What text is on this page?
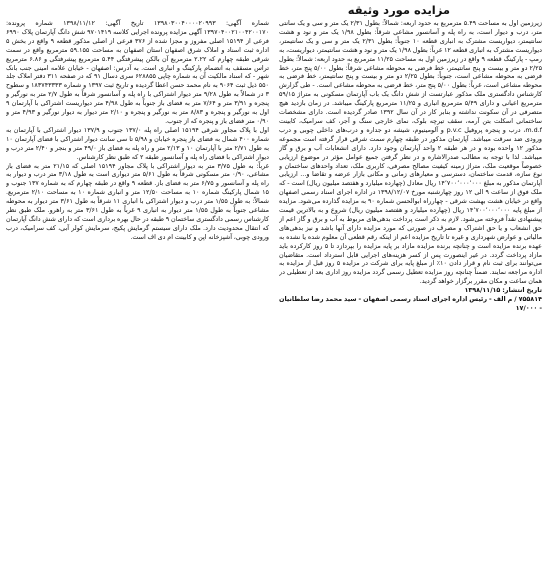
مزایده مورد وثیقه

شماره آگهی: ۱۳۹۸۰۳۰۰۴۰۰۰۰۲۰۹۹۳ تاریخ آگهی: ۱۳۹۸/۱۱/۱۲ شماره پرونده: ۱۳۹۷۰۴۰۰۲۱۰۰۴۲۰۰۱۷۰ آگهی مزایده پرونده اجرایی کلاسه ۹۷۰۱۴۱۹ شش دانگ آپارتمان پلاک ۶۹۹۰ فرعی از ۱۵۱۹۴ اصلی مفروز و مجزا شده از ۳۷۶ فرعی از اصلی مذکور قطعه ۹ واقع در بخش ۵ اداره ثبت اسناد و املاک شرق اصفهان استان اصفهان به مساحت ۵۹.۱۵۵ مترمربع واقع در سمت شرقی طبقه چهارم که ۲.۲۲ مترمربع آن بالکن پیشرفتگی ۵.۴۴ مترمربع پیشرفتگی و ۶.۸۶ مترمربع تراس مسقف به انضمام پارکینگ و انباری است. به آدرس: اصفهان - خیابان علامه امینی جنب بانک شهر - که اسناد مالکیت آن به شماره چاپی ۶۲۸۸۵۵ سری دسال ۹۱ که در صفحه ۳۱۱ دفتر املاک جلد ۵۵۰ ذیل ثبت ۹۰۶۴ به نام محمد حسن اعطا گردیده و تاریخ ثبت ۱۳۹۷ و شماره ۱۸۳۷۴۳۳۳۳ و سطوح ۳ در شمالاً به طول ۹/۲۸ متر دیوار اشتراکی با راه پله و آسانسور شرقاً به طول ۲/۷ متر به نورگیر و پنجره و ۳/۹۱ متر و ۷/۶۴ متر به فضای باز جنوباً به طول ۴/۹۸ متر دیواریست اشتراکی با آپارتمان ۹ اول به نورگیر و پنجره و ۸/۸۳ متر به نورگیر و پنجره و ۲/۱۰ متر دیوار به دیوار نورگیر و ۴/۹۳ متر و ۰/۹۰ متر فضای باز و پنجره که از جنوب.

اول با پلاک مجاور شرقی ۱۵۱۹۴ اصلی راه پله ۱۳۷/۰ جنوب و ۱۳۷/۹ دیوار اشتراکی با آپارتمان به شماره ۴۰۰ شمال به فضای باز پنجره خیابان و ۵/۹۸ تا سی سانت دیوار اشتراکی با فضای آپارتمان ۱۰ به طول ۲/۷۱ متر با آپارتمان ۱۰ و ۲/۱۳ متر و راه پله به فضای باز ۴۹/۰ متر و بنجر و ۲/۴۰ متر درب و دیوار اشتراکی با فضای راه پله و آسانسور طبقه ۲ که طبق نظر کارشناس.

غرباً: به طول ۳/۷۵ متر به دیوار اشتراکی با پلاک مجاور ۱۵۱۹۴ اصلی که ۲۱/۱۵ متر به فضای باز مشاعی، ۰/۹۰ متر مسکونی شرقاً به طول ۵/۶۱ متر دیواری است به طول ۳/۱۸ متر درب و دیوار به راه پله و آسانسور و ۶/۷۵ متر به فضای باز. قطعه ۹ واقع در طبقه چهارم که به شماره ۱۳۷ جنوب و ۱۵ شمال پارکینگ شماره ۱۰ به مساحت ۱۲/۵۰ متر و انباری شماره ۱۰ به مساحت ۲/۱۰ مترمربع. شمالاً: به طول ۱/۵۵ متر درب و دیوار اشتراکی با انباری ۱۱ شرقاً به طول ۳/۶۱ متر دیوار به محوطه مشاعی جنوباً به طول ۱/۵۵ متر دیوار به انباری ۹ غرباً به طول ۳/۶۱ متر به راهرو. ملک طبق نظر کارشناس رسمی دادگستری ساختمان ۹ طبقه در حال بهره برداری است که دارای شش دانگ آپارتمان که انتقال محدودیت دارد. ملک دارای سیستم گرمایش پکیج، سرمایش کولر آبی، کف سرامیک، درب ورودی چوبی، آشپزخانه اپن و کابینت ام دی اف است.

زیرزمین اول به مساحت ۵.۴۹ مترمربع به حدود اربعه: شمالاً: بطول ۲/۳۱ یک متر و سی و یک سانتی متر، درب و دیوار است، به راه پله و آسانسور مشاعی شرقاً: بطول ۱/۹۸ یک متر و نود و هشت سانتیمتر، دیواریست مشترک به انباری قطعه ۱۰ جنوباً: بطول ۲/۳۱ یک متر و سی و یک سانتیمتر، دیواریست مشترک به انباری قطعه ۱۲ غرباً: بطول ۱/۹۸ یک متر و نود و هشت سانتیمتر، دیواریست، به رمپ - پارکینگ قطعه ۹ واقع در زیرزمین اول به مساحت ۱۱/۲۵ مترمربع به حدود اربعه: شمالاً: بطول ۲/۲۵ دو متر و بیست و پنج سانتیمتر، خط فرضی به محوطه مشاعی شرقاً: بطول ۵/۰۰ پنج متر، خط فرضی به محوطه مشاعی است، جنوباً: بطول ۲/۲۵ دو متر و بیست و پنج سانتیمتر، خط فرضی به محوطه مشاعی است، غرباً: بطول ۵/۰۰ پنج متر، خط فرضی به محوطه مشاعی است. - طی گزارش کارشناس دادگستری ملک مذکور عبارتست از شش دانگ یک باب آپارتمان مسکونی به متراژ ۵۹/۱۵ مترمربع اعیانی و دارای ۵/۴۹ مترمربع انباری و ۱۱/۲۵ مترمربع پارکینگ میباشد. در زمان بازدید هیچ متصرفی در آن سکونت نداشته و بنابر کار در آن سال ۱۳۹۲ صادر گردیده است. دارای مشخصات ساختمانی اسکلت بتن آرمه، سقف تیرچه بلوک، نمای خارجی سنگ و آجر، کف سرامیک، کابینت m.d.f، درب و پنجره پروفیل p.v.c و آلومینیوم، شیشه دو جداره و درب‌های داخلی چوبی و درب ورودی ضد سرقت میباشد. آپارتمان مذکور در طبقه چهارم سمت شرقی قرار گرفته است مجموعه مذکور ۱۲ واحده بوده و در هر طبقه ۲ واحد آپارتمان وجود دارد. دارای انشعابات آب و برق و گاز میباشد. لذا با توجه به مطالب صدرالاشاره و در نظر گرفتن جمیع عوامل مؤثر در موضوع ارزیابی خصوصاً موقعیت ملک، متراژ زمینه کیفیت مصالح مصرفی، کاربری ملک، تعداد واحدهای ساختمان و نوع سازه، قدمت ساختمان، دسترسی و معیارهای زمانی و مکانی بازار عرضه و تقاضا و... ارزیابی آپارتمان مذکور به مبلغ ۱۴٬۷۰۰٬۰۰۰٬۰۰۰ ریال معادل (چهارده میلیارد و هفتصد میلیون ریال) است - که ملک فوق از ساعت ۹ الی ۱۲ روز چهارشنبه مورخ ۱۳۹۸/۱۲/۰۷ در اداره اجرای اسناد رسمی اصفهان واقع در خیابان هشت بهشت شرقی - چهارراه ابوالحسن شماره ۹۰ به مزایده گذارده می‌شود. مزایده از مبلغ پایه ۱۴٬۷۰۰٬۰۰۰٬۰۰۰ ریال (چهارده میلیارد و هفتصد میلیون ریال) شروع و به بالاترین قیمت پیشنهادی نقداً فروخته می‌شود. لازم به ذکر است پرداخت بدهی‌های مربوط به آب و برق و گاز اعم از حق انشعاب و یا حق اشتراک و مصرف در صورتی که مورد مزایده دارای آنها باشد و نیز بدهی‌های مالیاتی و عوارض شهرداری و غیره تا تاریخ مزایده اعم از اینکه رقم قطعی آن معلوم شده یا نشده به عهده برنده مزایده است و چنانچه برنده مزایده مازاد بر پایه مزایده را بپردازد تا ۵ روز کارکرده باید مازاد پرداخت گردد. در غیر اینصورت پس از کسر هزینه‌های اجرایی قابل استرداد است. متقاضیان می‌توانند برای ثبت نام و قرار دادن ۱۰٪ از مبلغ پایه برای شرکت در مزایده ۵ روز قبل از مزایده به اداره مراجعه نمایند. ضمناً چنانچه روز مزایده تعطیل رسمی گردد مزایده روز اداری بعد از تعطیلی در همان ساعت و مکان مقرر برگزار خواهد گردید.

تاریخ انتشار: ۱۳۹۸/۱۱/۱۵
۷۵۵۸۱۴ / م الف - رئیس اداره اجرای اسناد رسمی اصفهان - سید محمد رضا سلطانیان - ۱۷/۰۰۰
